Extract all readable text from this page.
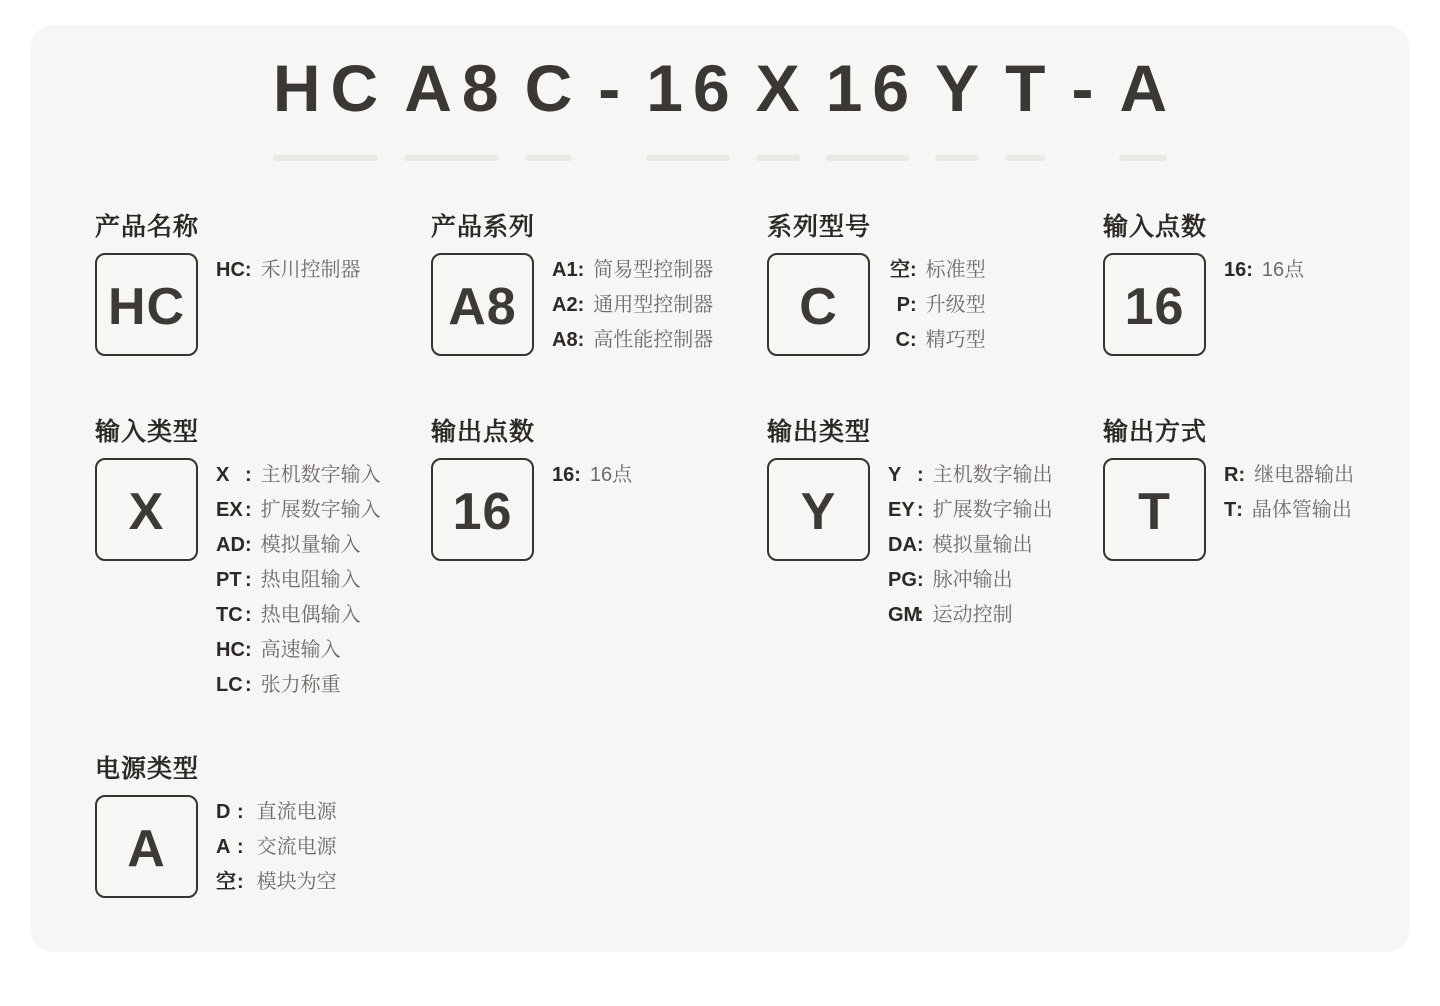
HC A8 C - 16 X 16 Y T - A
产品名称
HC
HC : 禾川控制器
产品系列
A8
A1 : 简易型控制器
A2 : 通用型控制器
A8 : 高性能控制器
系列型号
C
空 : 标准型
P : 升级型
C : 精巧型
输入点数
16
16 : 16点
输入类型
X
X :	主机数字输入
EX : 扩展数字输入
AD : 模拟量输入
PT : 热电阻输入
TC : 热电偶输入
HC : 高速输入
LC : 张力称重
输出点数
16
16 : 16点
输出类型
Y
Y :	主机数字输出
EY : 扩展数字输出
DA : 模拟量输出
PG : 脉冲输出
GM : 运动控制
输出方式
T
R : 继电器输出
T : 晶体管输出
电源类型
A
D :	直流电源
A :	交流电源
空 :	模块为空
